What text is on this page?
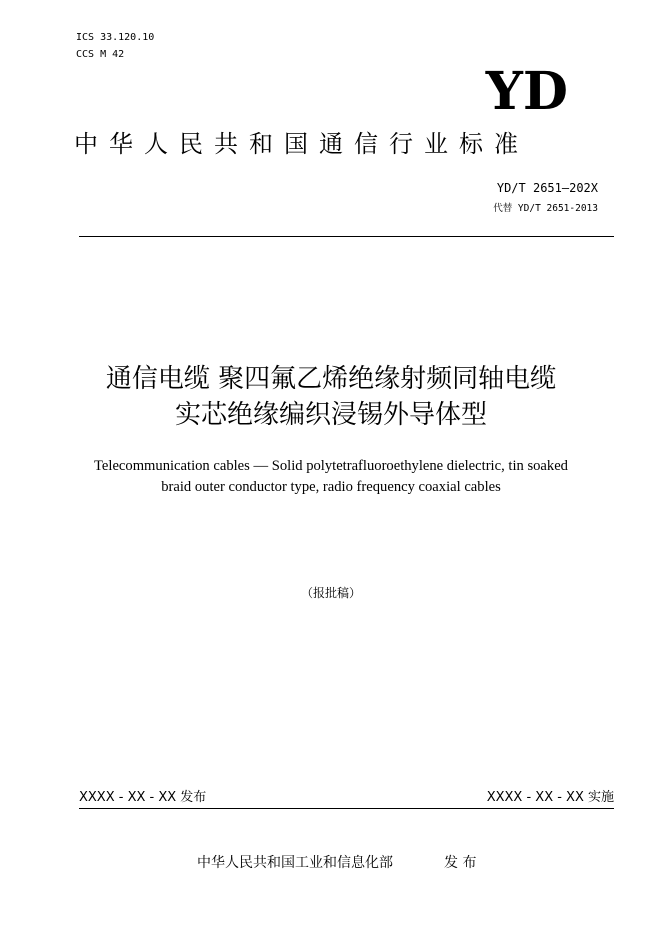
ICS 33.120.10
CCS M 42
YD
中华人民共和国通信行业标准
YD/T 2651—202X
代替 YD/T 2651-2013
通信电缆 聚四氟乙烯绝缘射频同轴电缆
实芯绝缘编织浸锡外导体型
Telecommunication cables — Solid polytetrafluoroethylene dielectric, tin soaked
braid outer conductor type, radio frequency coaxial cables
（报批稿）
XXXX - XX - XX 发布	XXXX - XX - XX 实施
中华人民共和国工业和信息化部	发 布
